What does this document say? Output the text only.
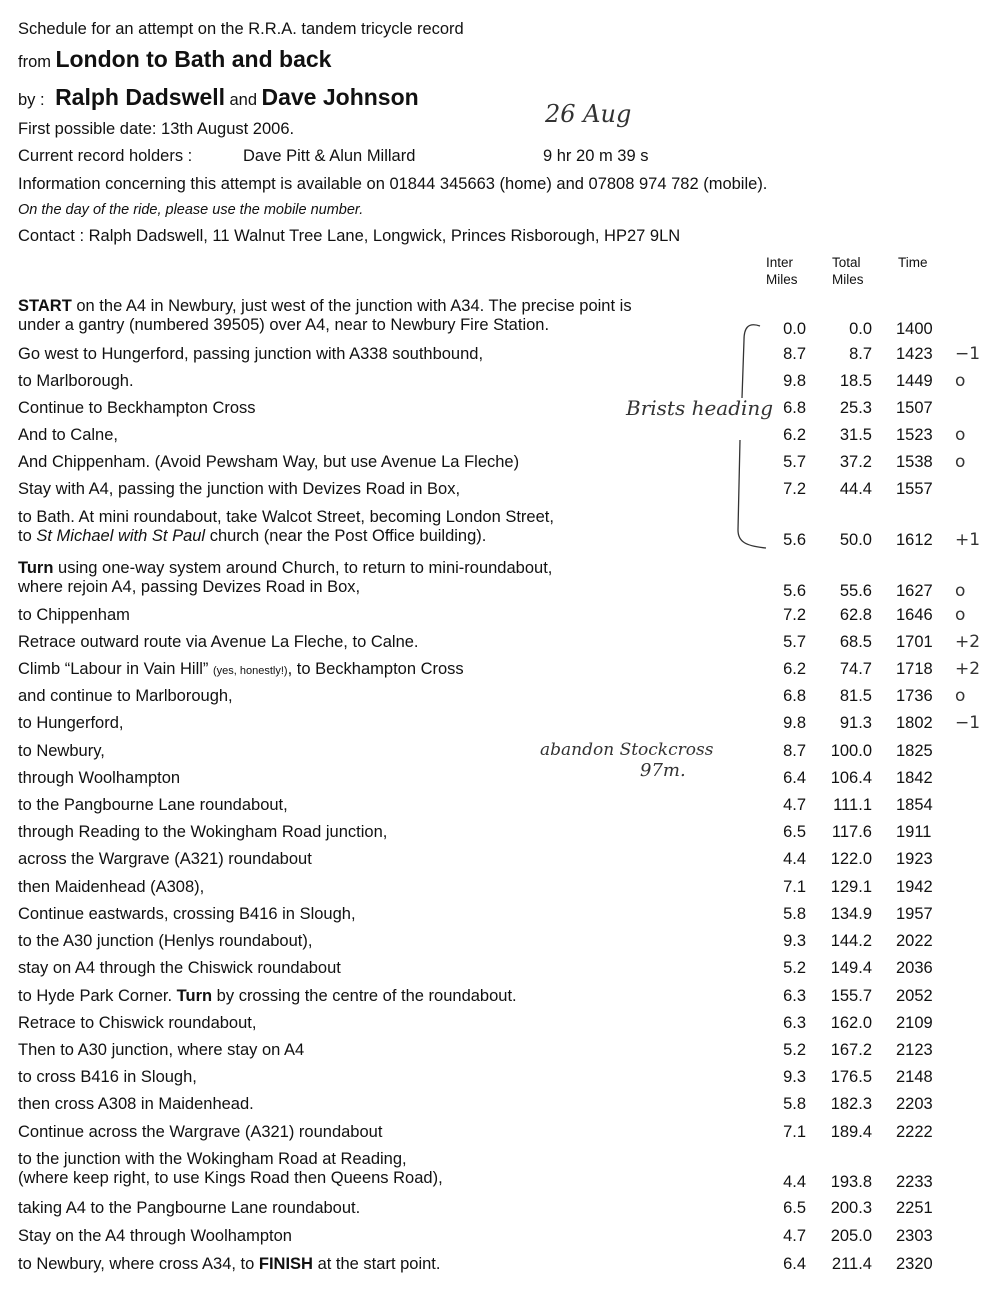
Schedule for an attempt on the R.R.A. tandem tricycle record
from London to Bath and back
by : Ralph Dadswell and Dave Johnson
First possible date: 13th August 2006.
26 Aug
Current record holders :	Dave Pitt & Alun Millard	9 hr 20 m 39 s
Information concerning this attempt is available on 01844 345663 (home) and 07808 974 782 (mobile).
On the day of the ride, please use the mobile number.
Contact : Ralph Dadswell, 11 Walnut Tree Lane, Longwick, Princes Risborough, HP27 9LN
Inter
Miles
Total
Miles
Time
START on the A4 in Newbury, just west of the junction with A34. The precise point is
under a gantry (numbered 39505) over A4, near to Newbury Fire Station.	0.0	0.0 1400
Go west to Hungerford, passing junction with A338 southbound,	8.7	8.7 1423	−1
to Marlborough.	9.8	18.5 1449	o
Continue to Beckhampton Cross	6.8	25.3 1507
And to Calne,	6.2	31.5 1523	o
And Chippenham. (Avoid Pewsham Way, but use Avenue La Fleche)	5.7	37.2 1538	o
Stay with A4, passing the junction with Devizes Road in Box,	7.2	44.4 1557
to Bath. At mini roundabout, take Walcot Street, becoming London Street,
to St Michael with St Paul church (near the Post Office building).	5.6	50.0 1612	+1
Turn using one-way system around Church, to return to mini-roundabout,
where rejoin A4, passing Devizes Road in Box,	5.6	55.6 1627	o
to Chippenham	7.2	62.8 1646	o
Retrace outward route via Avenue La Fleche, to Calne.	5.7	68.5 1701	+2
Climb “Labour in Vain Hill” (yes, honestly!), to Beckhampton Cross	6.2	74.7 1718	+2
and continue to Marlborough,	6.8	81.5 1736	o
to Hungerford,	9.8	91.3 1802	−1
to Newbury,	8.7 100.0 1825
through Woolhampton	6.4 106.4 1842
to the Pangbourne Lane roundabout,	4.7 111.1 1854
through Reading to the Wokingham Road junction,	6.5 117.6 1911
across the Wargrave (A321) roundabout	4.4 122.0 1923
then Maidenhead (A308),	7.1 129.1 1942
Continue eastwards, crossing B416 in Slough,	5.8 134.9 1957
to the A30 junction (Henlys roundabout),	9.3 144.2 2022
stay on A4 through the Chiswick roundabout	5.2 149.4 2036
to Hyde Park Corner. Turn by crossing the centre of the roundabout.	6.3 155.7 2052
Retrace to Chiswick roundabout,	6.3 162.0 2109
Then to A30 junction, where stay on A4	5.2 167.2 2123
to cross B416 in Slough,	9.3 176.5 2148
then cross A308 in Maidenhead.	5.8 182.3 2203
Continue across the Wargrave (A321) roundabout	7.1 189.4 2222
to the junction with the Wokingham Road at Reading,
(where keep right, to use Kings Road then Queens Road),	4.4 193.8 2233
taking A4 to the Pangbourne Lane roundabout.	6.5 200.3 2251
Stay on the A4 through Woolhampton	4.7 205.0 2303
to Newbury, where cross A34, to FINISH at the start point.	6.4 211.4 2320
Brists heading
abandon Stockcross
97m.
